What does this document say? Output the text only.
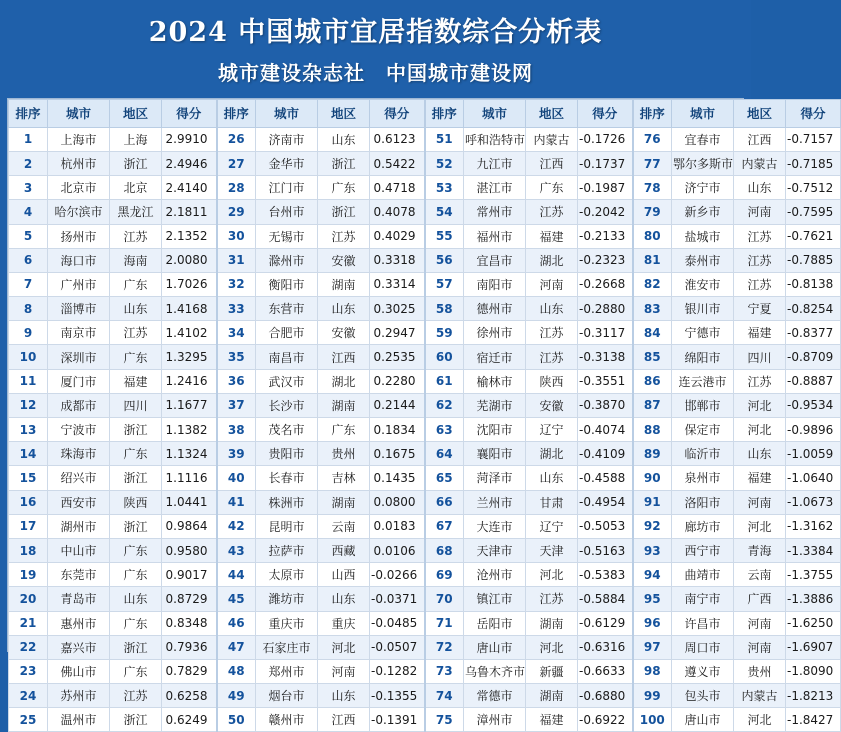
2024 中国城市宜居指数综合分析表
城市建设杂志社　中国城市建设网
排序	城市	地区	得分	排序	城市	地区	得分	排序	城市	地区	得分	排序	城市	地区	得分
1	上海市	上海	2.9910	26	济南市	山东	0.6123	51	呼和浩特市	内蒙古	-0.1726	76	宜春市	江西	-0.7157
2	杭州市	浙江	2.4946	27	金华市	浙江	0.5422	52	九江市	江西	-0.1737	77	鄂尔多斯市	内蒙古	-0.7185
3	北京市	北京	2.4140	28	江门市	广东	0.4718	53	湛江市	广东	-0.1987	78	济宁市	山东	-0.7512
4	哈尔滨市	黑龙江	2.1811	29	台州市	浙江	0.4078	54	常州市	江苏	-0.2042	79	新乡市	河南	-0.7595
5	扬州市	江苏	2.1352	30	无锡市	江苏	0.4029	55	福州市	福建	-0.2133	80	盐城市	江苏	-0.7621
6	海口市	海南	2.0080	31	滁州市	安徽	0.3318	56	宜昌市	湖北	-0.2323	81	泰州市	江苏	-0.7885
7	广州市	广东	1.7026	32	衡阳市	湖南	0.3314	57	南阳市	河南	-0.2668	82	淮安市	江苏	-0.8138
8	淄博市	山东	1.4168	33	东营市	山东	0.3025	58	德州市	山东	-0.2880	83	银川市	宁夏	-0.8254
9	南京市	江苏	1.4102	34	合肥市	安徽	0.2947	59	徐州市	江苏	-0.3117	84	宁德市	福建	-0.8377
10	深圳市	广东	1.3295	35	南昌市	江西	0.2535	60	宿迁市	江苏	-0.3138	85	绵阳市	四川	-0.8709
11	厦门市	福建	1.2416	36	武汉市	湖北	0.2280	61	榆林市	陕西	-0.3551	86	连云港市	江苏	-0.8887
12	成都市	四川	1.1677	37	长沙市	湖南	0.2144	62	芜湖市	安徽	-0.3870	87	邯郸市	河北	-0.9534
13	宁波市	浙江	1.1382	38	茂名市	广东	0.1834	63	沈阳市	辽宁	-0.4074	88	保定市	河北	-0.9896
14	珠海市	广东	1.1324	39	贵阳市	贵州	0.1675	64	襄阳市	湖北	-0.4109	89	临沂市	山东	-1.0059
15	绍兴市	浙江	1.1116	40	长春市	吉林	0.1435	65	菏泽市	山东	-0.4588	90	泉州市	福建	-1.0640
16	西安市	陕西	1.0441	41	株洲市	湖南	0.0800	66	兰州市	甘肃	-0.4954	91	洛阳市	河南	-1.0673
17	湖州市	浙江	0.9864	42	昆明市	云南	0.0183	67	大连市	辽宁	-0.5053	92	廊坊市	河北	-1.3162
18	中山市	广东	0.9580	43	拉萨市	西藏	0.0106	68	天津市	天津	-0.5163	93	西宁市	青海	-1.3384
19	东莞市	广东	0.9017	44	太原市	山西	-0.0266	69	沧州市	河北	-0.5383	94	曲靖市	云南	-1.3755
20	青岛市	山东	0.8729	45	潍坊市	山东	-0.0371	70	镇江市	江苏	-0.5884	95	南宁市	广西	-1.3886
21	惠州市	广东	0.8348	46	重庆市	重庆	-0.0485	71	岳阳市	湖南	-0.6129	96	许昌市	河南	-1.6250
22	嘉兴市	浙江	0.7936	47	石家庄市	河北	-0.0507	72	唐山市	河北	-0.6316	97	周口市	河南	-1.6907
23	佛山市	广东	0.7829	48	郑州市	河南	-0.1282	73	乌鲁木齐市	新疆	-0.6633	98	遵义市	贵州	-1.8090
24	苏州市	江苏	0.6258	49	烟台市	山东	-0.1355	74	常德市	湖南	-0.6880	99	包头市	内蒙古	-1.8213
25	温州市	浙江	0.6249	50	赣州市	江西	-0.1391	75	漳州市	福建	-0.6922	100	唐山市	河北	-1.8427
